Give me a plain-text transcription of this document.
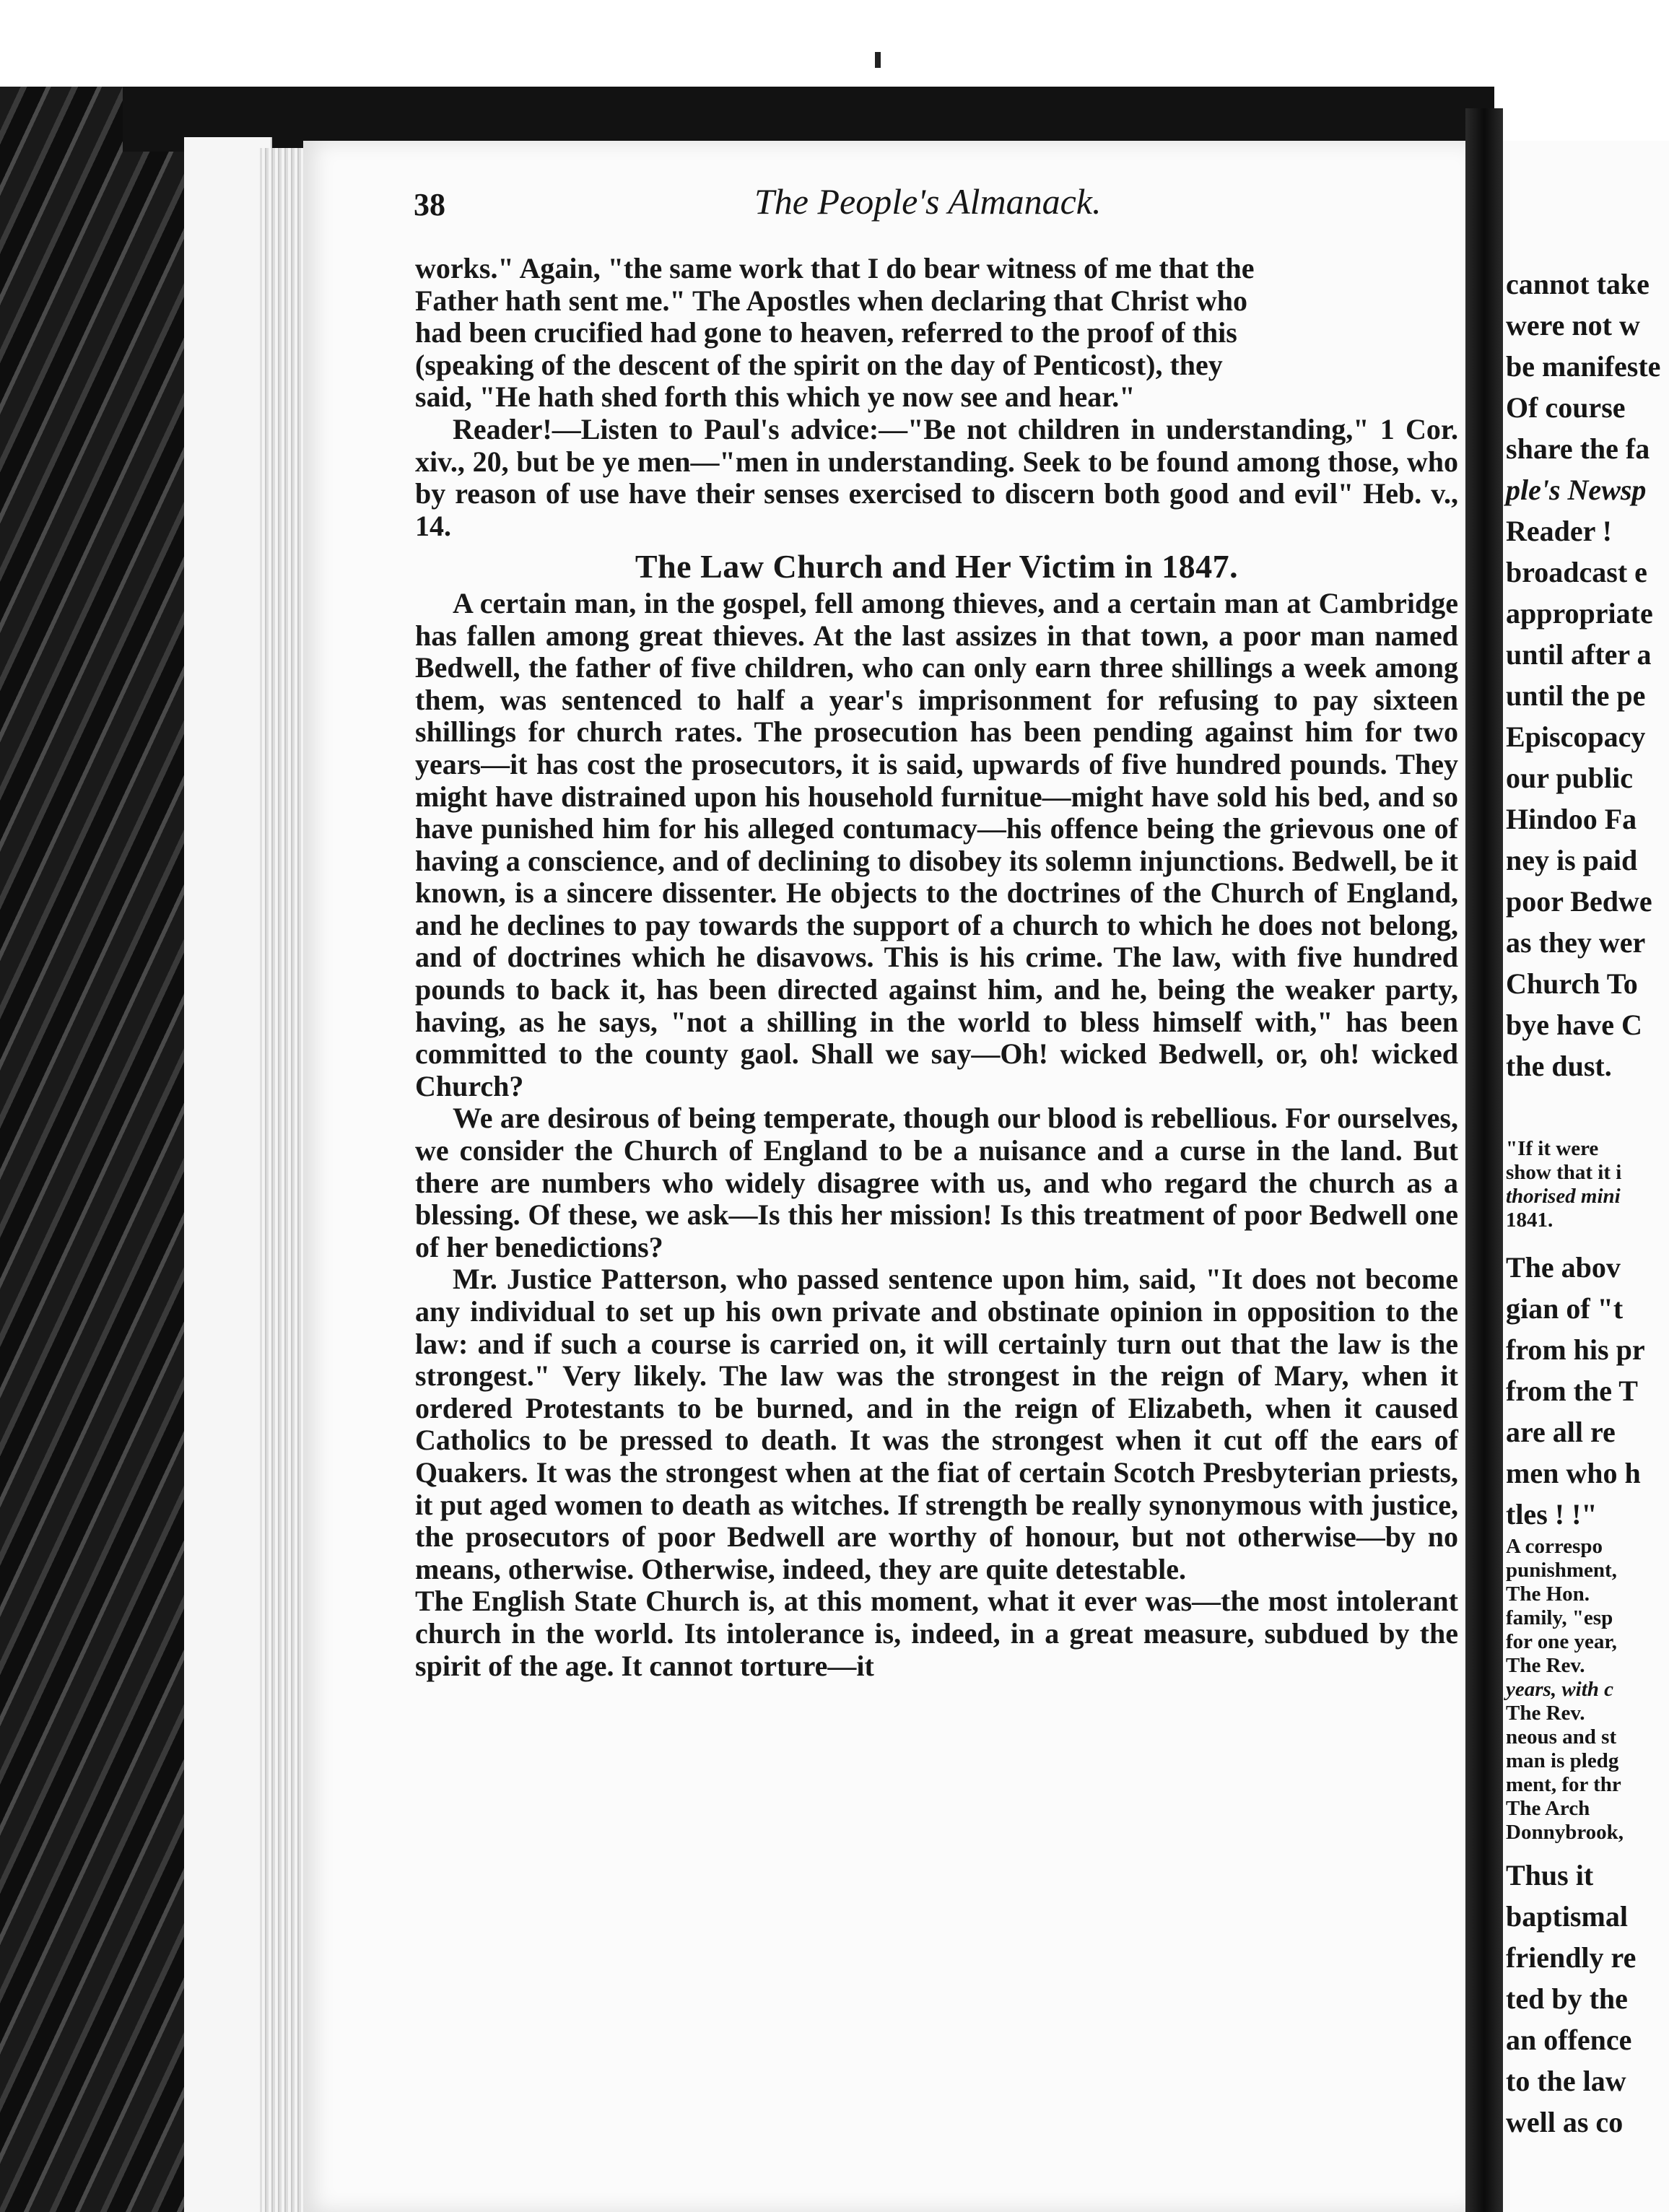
38	The People's Almanack.

works." Again, "the same work that I do bear witness of me that the

Father hath sent me." The Apostles when declaring that Christ who

had been crucified had gone to heaven, referred to the proof of this

(speaking of the descent of the spirit on the day of Penticost), they

said, "He hath shed forth this which ye now see and hear."

Reader!—Listen to Paul's advice:—"Be not children in understanding," 1 Cor. xiv., 20, but be ye men—"men in understanding. Seek to be found among those, who by reason of use have their senses exercised to discern both good and evil" Heb. v., 14.

The Law Church and Her Victim in 1847.

A certain man, in the gospel, fell among thieves, and a certain man at Cambridge has fallen among great thieves. At the last assizes in that town, a poor man named Bedwell, the father of five children, who can only earn three shillings a week among them, was sentenced to half a year's imprisonment for refusing to pay sixteen shillings for church rates. The prosecution has been pending against him for two years—it has cost the prosecutors, it is said, upwards of five hundred pounds. They might have distrained upon his household furnitue—might have sold his bed, and so have punished him for his alleged contumacy—his offence being the grievous one of having a conscience, and of declining to disobey its solemn injunctions. Bedwell, be it known, is a sincere dissenter. He objects to the doctrines of the Church of England, and he declines to pay towards the support of a church to which he does not belong, and of doctrines which he disavows. This is his crime. The law, with five hundred pounds to back it, has been directed against him, and he, being the weaker party, having, as he says, "not a shilling in the world to bless himself with," has been committed to the county gaol. Shall we say—Oh! wicked Bedwell, or, oh! wicked Church?

We are desirous of being temperate, though our blood is rebellious. For ourselves, we consider the Church of England to be a nuisance and a curse in the land. But there are numbers who widely disagree with us, and who regard the church as a blessing. Of these, we ask—Is this her mission! Is this treatment of poor Bedwell one of her benedictions?

Mr. Justice Patterson, who passed sentence upon him, said, "It does not become any individual to set up his own private and obstinate opinion in opposition to the law: and if such a course is carried on, it will certainly turn out that the law is the strongest." Very likely. The law was the strongest in the reign of Mary, when it ordered Protestants to be burned, and in the reign of Elizabeth, when it caused Catholics to be pressed to death. It was the strongest when it cut off the ears of Quakers. It was the strongest when at the fiat of certain Scotch Presbyterian priests, it put aged women to death as witches. If strength be really synonymous with justice, the prosecutors of poor Bedwell are worthy of honour, but not otherwise—by no means, otherwise. Otherwise, indeed, they are quite detestable.

The English State Church is, at this moment, what it ever was—the most intolerant church in the world. Its intolerance is, indeed, in a great measure, subdued by the spirit of the age. It cannot torture—it

cannot take
were not w
be manifeste
Of course
share the fa
ple's Newsp
Reader !
broadcast e
appropriate
until after a
until the pe
Episcopacy
our public
Hindoo Fa
ney is paid
poor Bedwe
as they wer
Church To
bye have C
the dust.
"If it were
show that it i
thorised mini
1841.
The abov
gian of "t
from his pr
from the T
are all re
men who h
tles ! !"
A correspo
punishment,
The Hon.
family, "esp
for one year,
The Rev.
years, with c
The Rev.
neous and st
man is pledg
ment, for thr
The Arch
Donnybrook,
Thus it
baptismal
friendly re
ted by the
an offence
to the law
well as co
